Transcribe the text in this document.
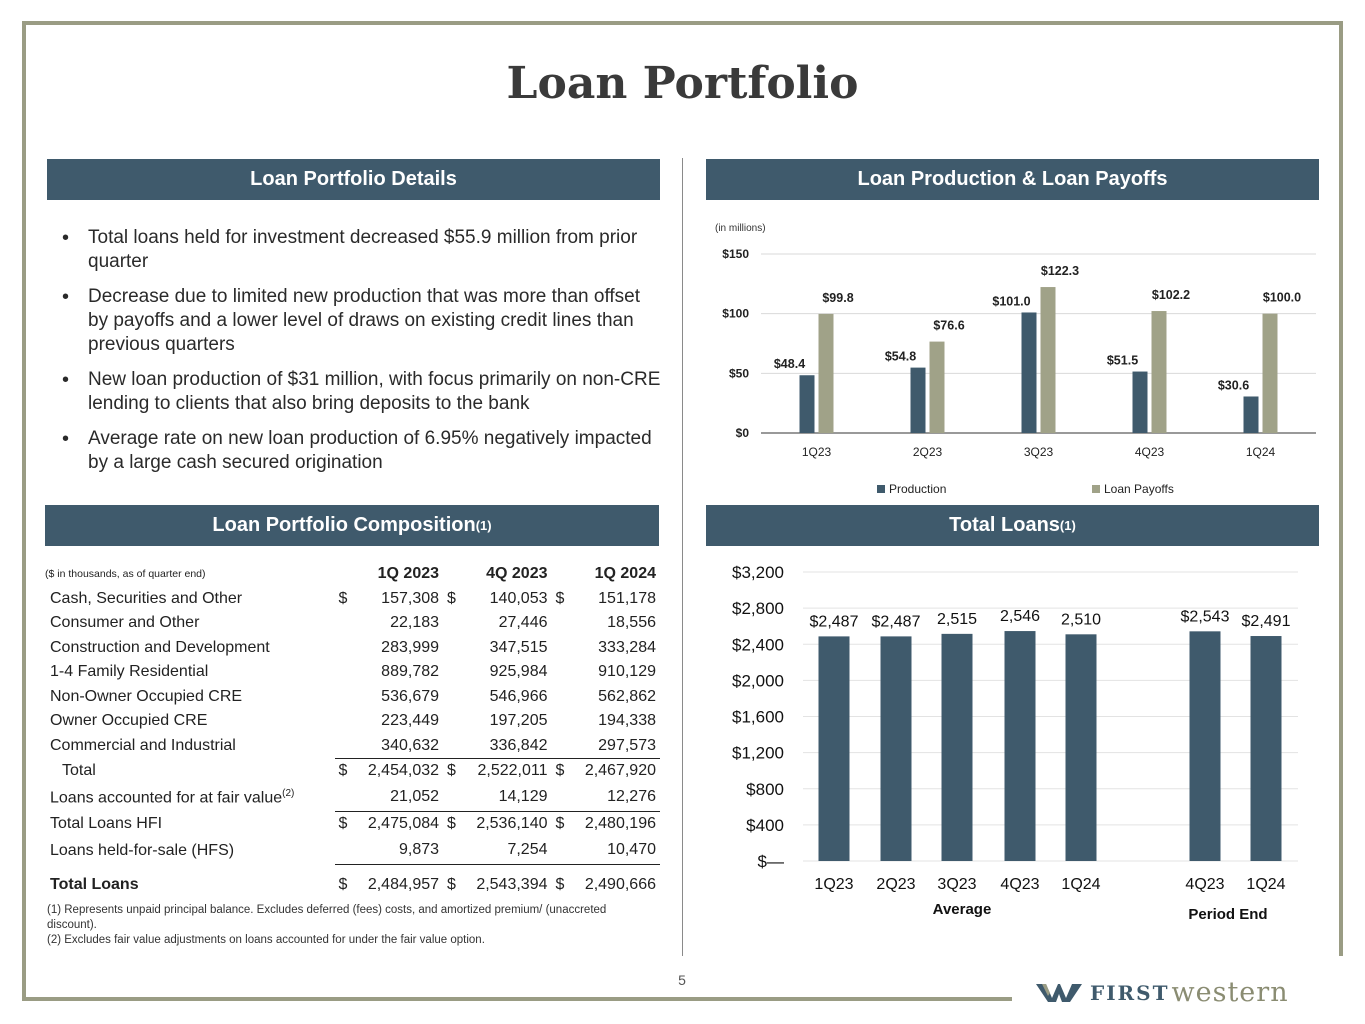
Loan Portfolio
Loan Portfolio Details	Loan Production & Loan Payoffs
Loan Portfolio Composition (1)	Total Loans (1)
• Total loans held for investment decreased $55.9 million from prior quarter
• Decrease due to limited new production that was more than offset by payoffs and a lower level of draws on existing credit lines than previous quarters
• New loan production of $31 million, with focus primarily on non-CRE lending to clients that also bring deposits to the bank
• Average rate on new loan production of 6.95% negatively impacted by a large cash secured origination
($ in thousands, as of quarter end)	1Q 2023		4Q 2023		1Q 2024	
Cash, Securities and Other	$	157,308	$	140,053	$	151,178
Consumer and Other		22,183		27,446		18,556
Construction and Development		283,999		347,515		333,284
1-4 Family Residential		889,782		925,984		910,129
Non-Owner Occupied CRE		536,679		546,966		562,862
Owner Occupied CRE		223,449		197,205		194,338
Commercial and Industrial		340,632		336,842		297,573
Total	$	2,454,032	$	2,522,011	$	2,467,920
Loans accounted for at fair value$^{(2)}$		21,052		14,129		12,276
Total Loans HFI	$	2,475,084	$	2,536,140	$	2,480,196
Loans held-for-sale (HFS)		9,873		7,254		10,470
Total Loans	$	2,484,957	$	2,543,394	$	2,490,666

(1) Represents unpaid principal balance. Excludes deferred (fees) costs, and amortized premium/ (unaccreted discount).

(2) Excludes fair value adjustments on loans accounted for under the fair value option.

(in millions)
$0
$50
$100
$150
$48.4
$99.8
1Q23
$54.8
$76.6
2Q23
$101.0
$122.3
3Q23
$51.5
$102.2
4Q23
$30.6
$100.0
1Q24
Production	Loan Payoffs
$—
$400
$800
$1,200
$1,600
$2,000
$2,400
$2,800
$3,200
$2,487
1Q23
$2,487
2Q23
2,515
3Q23
2,546
4Q23
2,510
1Q24
$2,543
4Q23
$2,491
1Q24
Average	Period End
5
FIRST western
